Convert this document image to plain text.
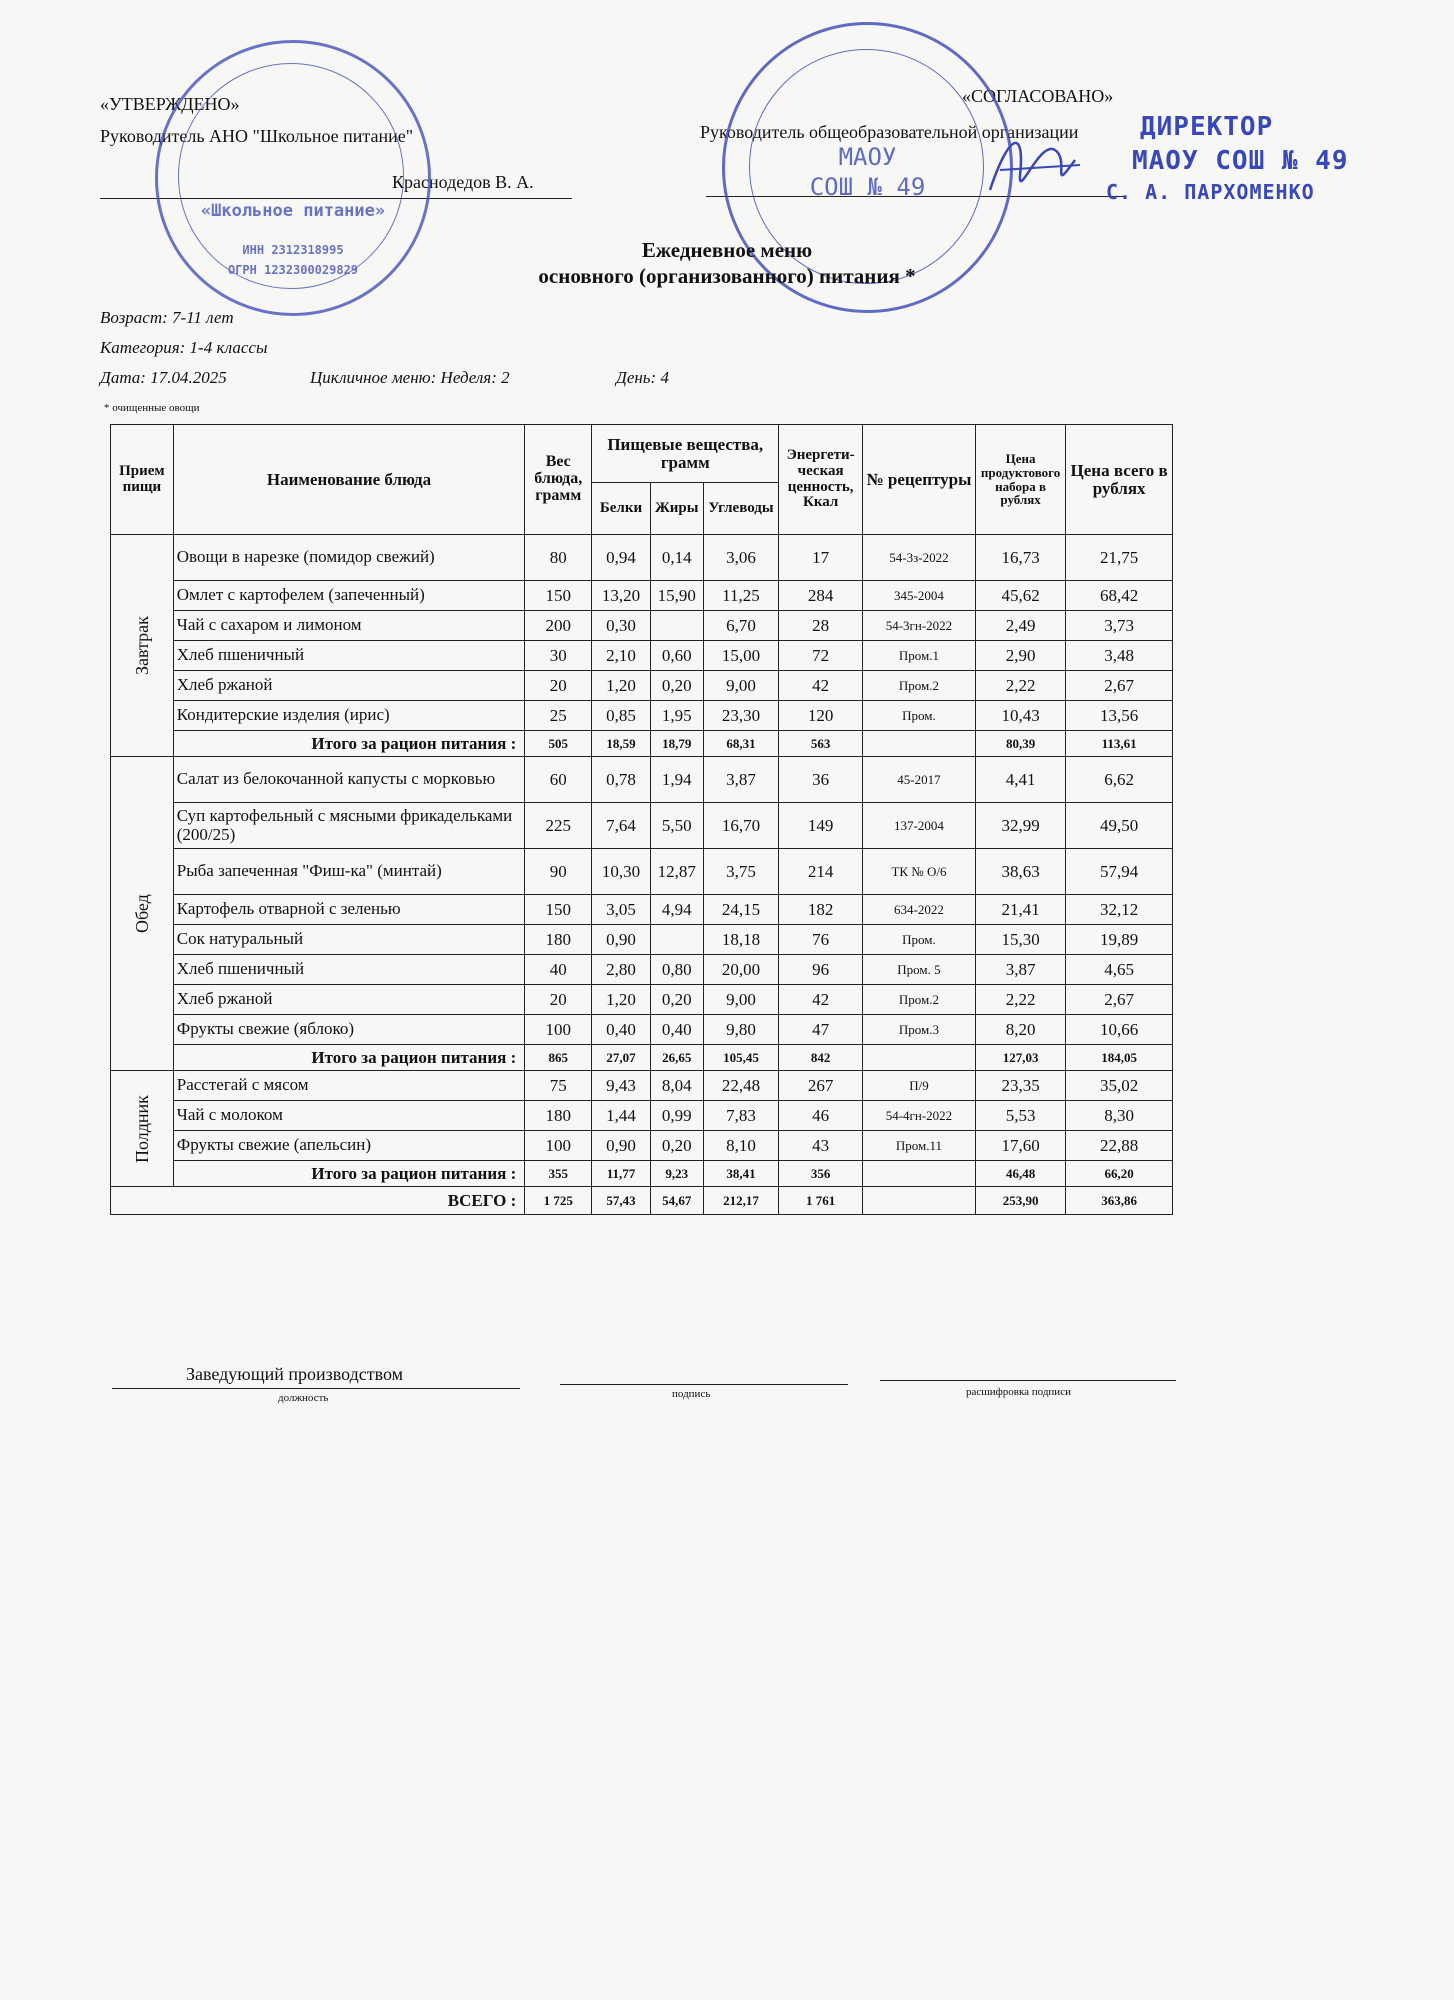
«УТВЕРЖДЕНО»
Руководитель АНО "Школьное питание"
Краснодедов В. А.
«Школьное питание»
ИНН 2312318995
ОГРН 1232300029829
«СОГЛАСОВАНО»
Руководитель общеобразовательной организации
МАОУ
СОШ № 49
ДИРЕКТОР
МАОУ СОШ № 49
С. А. ПАРХОМЕНКО
Ежедневное меню
основного (организованного) питания *
Возраст: 7-11 лет
Категория: 1-4 классы
Дата: 17.04.2025	Цикличное меню: Неделя: 2	День: 4
* очищенные овощи
Прием пищи	Наименование блюда	Вес блюда, грамм	Пищевые вещества, грамм			Энергети-ческая ценность, Ккал	№ рецептуры	Цена продуктового набора в рублях	Цена всего в рублях
			Белки	Жиры	Углеводы				
Завтрак	Овощи в нарезке (помидор свежий)	80	0,94	0,14	3,06	17	54-3з-2022	16,73	21,75
	Омлет с картофелем (запеченный)	150	13,20	15,90	11,25	284	345-2004	45,62	68,42
	Чай с сахаром и лимоном	200	0,30		6,70	28	54-3гн-2022	2,49	3,73
	Хлеб пшеничный	30	2,10	0,60	15,00	72	Пром.1	2,90	3,48
	Хлеб ржаной	20	1,20	0,20	9,00	42	Пром.2	2,22	2,67
	Кондитерские изделия (ирис)	25	0,85	1,95	23,30	120	Пром.	10,43	13,56
	Итого за рацион питания :	505	18,59	18,79	68,31	563		80,39	113,61
Обед	Салат из белокочанной капусты с морковью	60	0,78	1,94	3,87	36	45-2017	4,41	6,62
	Суп картофельный с мясными фрикадельками (200/25)	225	7,64	5,50	16,70	149	137-2004	32,99	49,50
	Рыба запеченная "Фиш-ка" (минтай)	90	10,30	12,87	3,75	214	ТК № О/6	38,63	57,94
	Картофель отварной с зеленью	150	3,05	4,94	24,15	182	634-2022	21,41	32,12
	Сок натуральный	180	0,90		18,18	76	Пром.	15,30	19,89
	Хлеб пшеничный	40	2,80	0,80	20,00	96	Пром. 5	3,87	4,65
	Хлеб ржаной	20	1,20	0,20	9,00	42	Пром.2	2,22	2,67
	Фрукты свежие (яблоко)	100	0,40	0,40	9,80	47	Пром.3	8,20	10,66
	Итого за рацион питания :	865	27,07	26,65	105,45	842		127,03	184,05
Полдник	Расстегай с мясом	75	9,43	8,04	22,48	267	П/9	23,35	35,02
	Чай с молоком	180	1,44	0,99	7,83	46	54-4гн-2022	5,53	8,30
	Фрукты свежие (апельсин)	100	0,90	0,20	8,10	43	Пром.11	17,60	22,88
	Итого за рацион питания :	355	11,77	9,23	38,41	356		46,48	66,20
ВСЕГО :		1 725	57,43	54,67	212,17	1 761		253,90	363,86
Заведующий производством
должность	подпись	расшифровка подписи
